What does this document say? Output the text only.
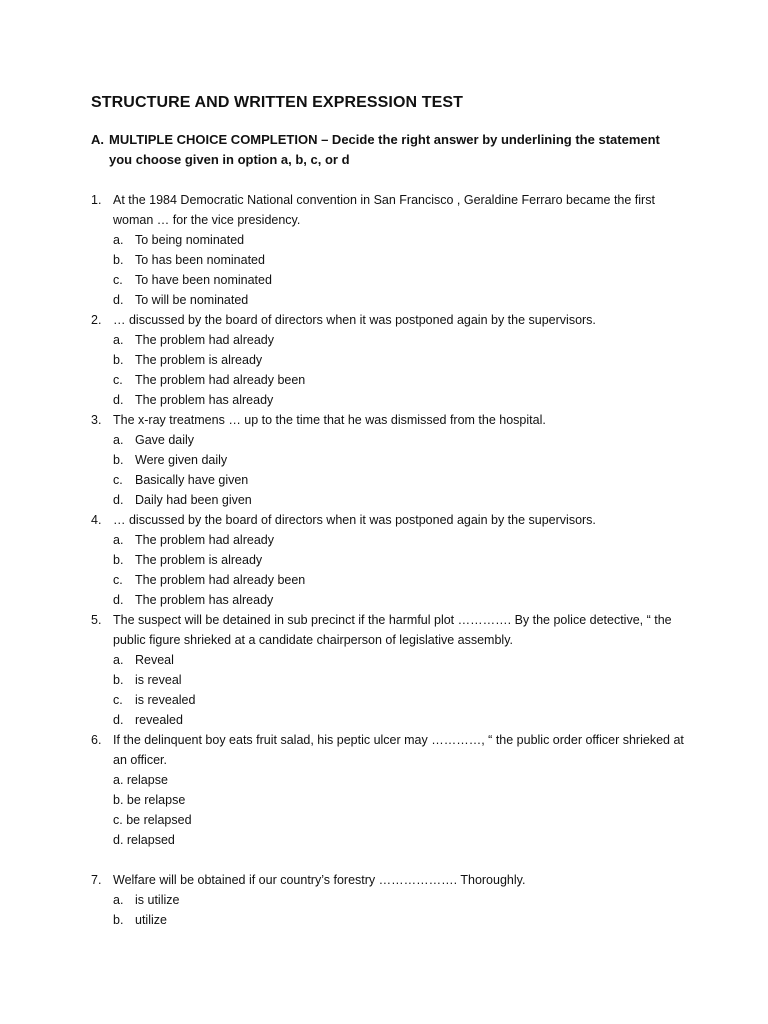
STRUCTURE AND WRITTEN EXPRESSION TEST
A. MULTIPLE CHOICE COMPLETION – Decide the right answer by underlining the statement you choose given in option a, b, c, or d
1. At the 1984 Democratic National convention in San Francisco , Geraldine Ferraro became the first woman … for the vice presidency.
a. To being nominated
b. To has been nominated
c. To have been nominated
d. To will be nominated
2. … discussed by the board of directors when it was postponed again by the supervisors.
a. The problem had already
b. The problem is already
c. The problem had already been
d. The problem has already
3. The x-ray treatmens … up to the time that he was dismissed from the hospital.
a. Gave daily
b. Were given daily
c. Basically have given
d. Daily had been given
4. … discussed by the board of directors when it was postponed again by the supervisors.
a. The problem had already
b. The problem is already
c. The problem had already been
d. The problem has already
5. The suspect will be detained in sub precinct if the harmful plot …………. By the police detective, “ the public figure shrieked at a candidate chairperson of legislative assembly.
a. Reveal
b. is reveal
c. is revealed
d. revealed
6. If the delinquent boy eats fruit salad, his peptic ulcer may …………, “ the public order officer shrieked at an officer.
a. relapse
b. be relapse
c. be relapsed
d. relapsed
7. Welfare will be obtained if our country’s forestry ………………. Thoroughly.
a. is utilize
b. utilize
